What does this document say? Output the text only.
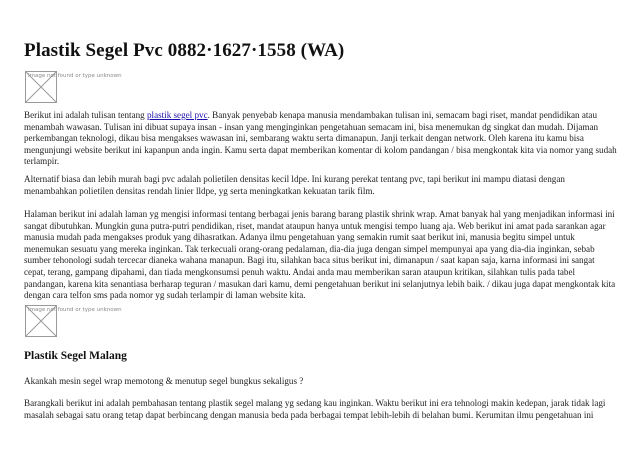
Plastik Segel Pvc 0882·1627·1558 (WA)
Image not found or type unknown

Berikut ini adalah tulisan tentang plastik segel pvc. Banyak penyebab kenapa manusia mendambakan tulisan ini, semacam bagi riset, mandat pendidikan atau menambah wawasan. Tulisan ini dibuat supaya insan - insan yang menginginkan pengetahuan semacam ini, bisa menemukan dg singkat dan mudah. Dijaman perkembangan teknologi, dikau bisa mengakses wawasan ini, sembarang waktu serta dimanapun. Janji terkait dengan network. Oleh karena itu kamu bisa mengunjungi website berikut ini kapanpun anda ingin. Kamu serta dapat memberikan komentar di kolom pandangan / bisa mengkontak kita via nomor yang sudah terlampir.

Alternatif biasa dan lebih murah bagi pvc adalah polietilen densitas kecil ldpe. Ini kurang perekat tentang pvc, tapi berikut ini mampu diatasi dengan menambahkan polietilen densitas rendah linier lldpe, yg serta meningkatkan kekuatan tarik film.

Halaman berikut ini adalah laman yg mengisi informasi tentang berbagai jenis barang barang plastik shrink wrap. Amat banyak hal yang menjadikan informasi ini sangat dibutuhkan. Mungkin guna putra-putri pendidikan, riset, mandat ataupun hanya untuk mengisi tempo luang aja. Web berikut ini amat pada sarankan agar manusia mudah pada mengakses produk yang dihasratkan. Adanya ilmu pengetahuan yang semakin rumit saat berikut ini, manusia begitu simpel untuk menemukan sesuatu yang mereka inginkan. Tak terkecuali orang-orang pedalaman, dia-dia juga dengan simpel mempunyai apa yang dia-dia inginkan, sebab sumber tehonologi sudah tercecar dianeka wahana manapun. Bagi itu, silahkan baca situs berikut ini, dimanapun / saat kapan saja, karna informasi ini sangat cepat, terang, gampang dipahami, dan tiada mengkonsumsi penuh waktu. Andai anda mau memberikan saran ataupun kritikan, silahkan tulis pada tabel pandangan, karena kita senantiasa berharap teguran / masukan dari kamu, demi pengetahuan berikut ini selanjutnya lebih baik. / dikau juga dapat mengkontak kita dengan cara telfon sms pada nomor yg sudah terlampir di laman website kita.

Image not found or type unknown
Plastik Segel Malang

Akankah mesin segel wrap memotong & menutup segel bungkus sekaligus ?

Barangkali berikut ini adalah pembahasan tentang plastik segel malang yg sedang kau inginkan. Waktu berikut ini era tehnologi makin kedepan, jarak tidak lagi masalah sebagai satu orang tetap dapat berbincang dengan manusia beda pada berbagai tempat lebih-lebih di belahan bumi. Kerumitan ilmu pengetahuan ini
